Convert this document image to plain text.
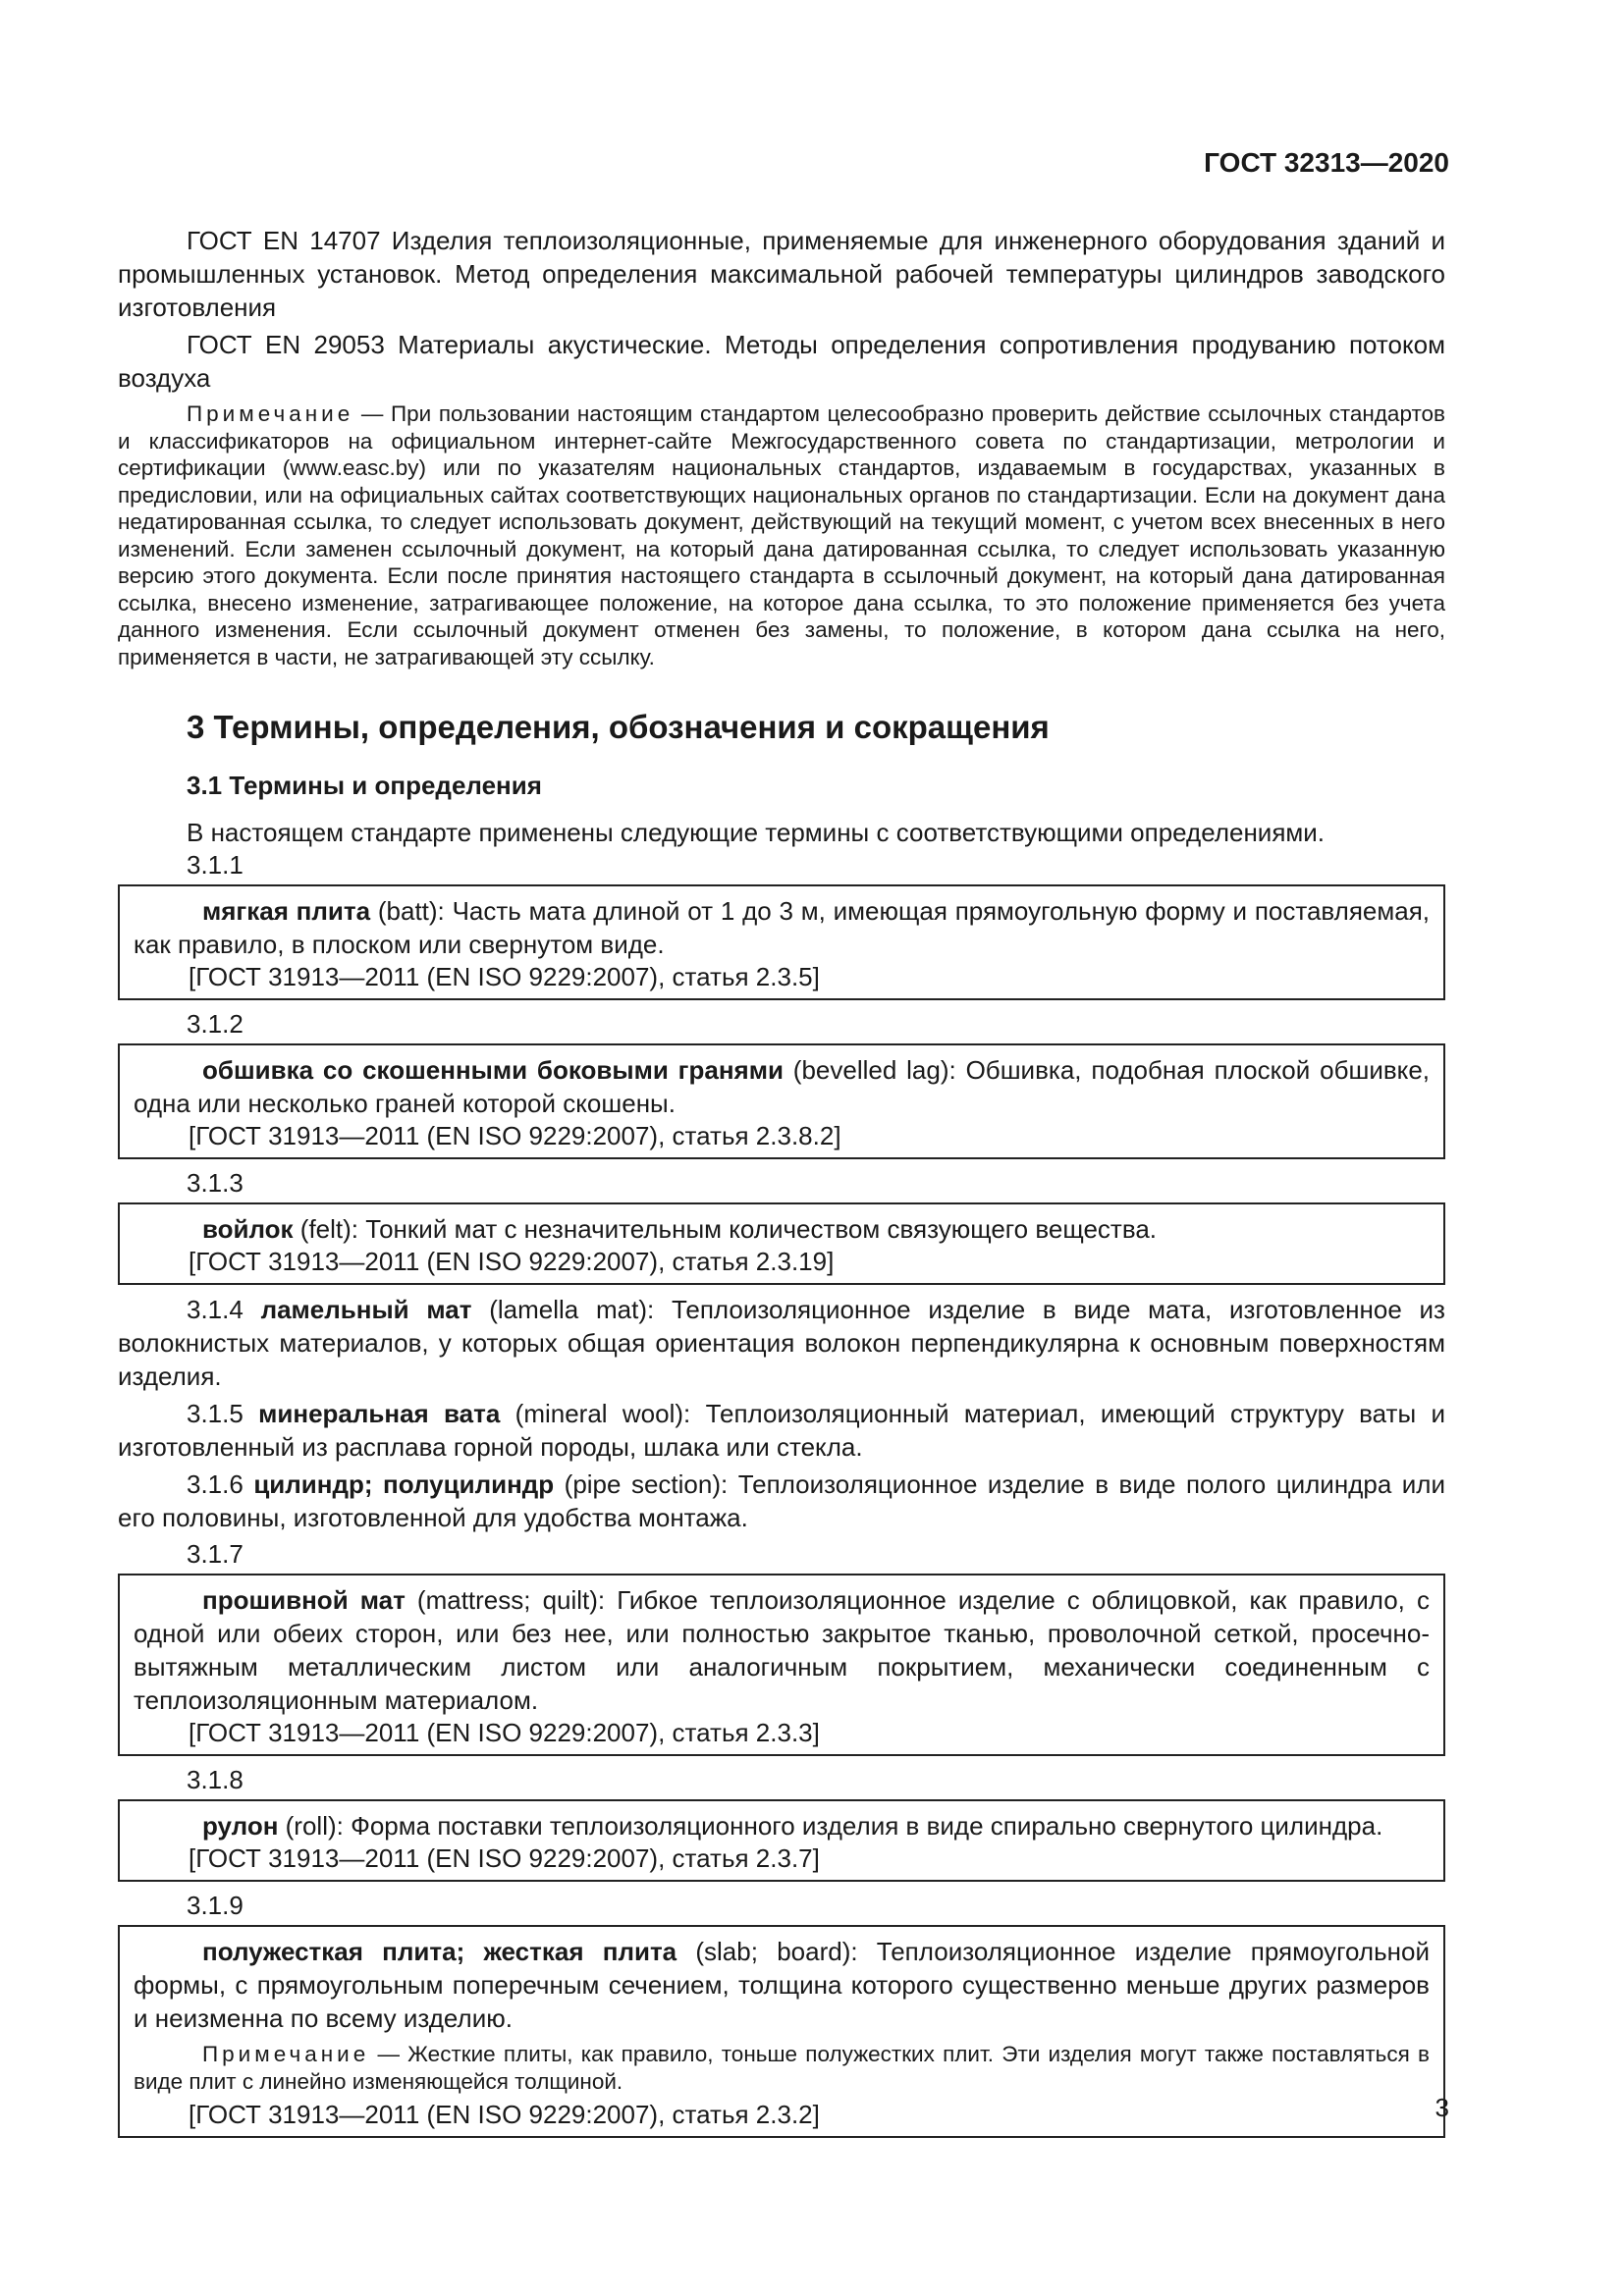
ГОСТ 32313—2020

ГОСТ EN 14707 Изделия теплоизоляционные, применяемые для инженерного оборудования зданий и промышленных установок. Метод определения максимальной рабочей температуры цилиндров заводского изготовления

ГОСТ EN 29053 Материалы акустические. Методы определения сопротивления продуванию потоком воздуха

Примечание — При пользовании настоящим стандартом целесообразно проверить действие ссылочных стандартов и классификаторов на официальном интернет-сайте Межгосударственного совета по стандартизации, метрологии и сертификации (www.easc.by) или по указателям национальных стандартов, издаваемым в государствах, указанных в предисловии, или на официальных сайтах соответствующих национальных органов по стандартизации. Если на документ дана недатированная ссылка, то следует использовать документ, действующий на текущий момент, с учетом всех внесенных в него изменений. Если заменен ссылочный документ, на который дана датированная ссылка, то следует использовать указанную версию этого документа. Если после принятия настоящего стандарта в ссылочный документ, на который дана датированная ссылка, внесено изменение, затрагивающее положение, на которое дана ссылка, то это положение применяется без учета данного изменения. Если ссылочный документ отменен без замены, то положение, в котором дана ссылка на него, применяется в части, не затрагивающей эту ссылку.

3 Термины, определения, обозначения и сокращения
3.1 Термины и определения

В настоящем стандарте применены следующие термины с соответствующими определениями.

3.1.1

мягкая плита (batt): Часть мата длиной от 1 до 3 м, имеющая прямоугольную форму и поставляемая, как правило, в плоском или свернутом виде.

[ГОСТ 31913—2011 (EN ISO 9229:2007), статья 2.3.5]
3.1.2

обшивка со скошенными боковыми гранями (bevelled lag): Обшивка, подобная плоской обшивке, одна или несколько граней которой скошены.

[ГОСТ 31913—2011 (EN ISO 9229:2007), статья 2.3.8.2]
3.1.3

войлок (felt): Тонкий мат с незначительным количеством связующего вещества.

[ГОСТ 31913—2011 (EN ISO 9229:2007), статья 2.3.19]

3.1.4 ламельный мат (lamella mat): Теплоизоляционное изделие в виде мата, изготовленное из волокнистых материалов, у которых общая ориентация волокон перпендикулярна к основным поверхностям изделия.

3.1.5 минеральная вата (mineral wool): Теплоизоляционный материал, имеющий структуру ваты и изготовленный из расплава горной породы, шлака или стекла.

3.1.6 цилиндр; полуцилиндр (pipe section): Теплоизоляционное изделие в виде полого цилиндра или его половины, изготовленной для удобства монтажа.

3.1.7

прошивной мат (mattress; quilt): Гибкое теплоизоляционное изделие с облицовкой, как правило, с одной или обеих сторон, или без нее, или полностью закрытое тканью, проволочной сеткой, просечно-вытяжным металлическим листом или аналогичным покрытием, механически соединенным с теплоизоляционным материалом.

[ГОСТ 31913—2011 (EN ISO 9229:2007), статья 2.3.3]
3.1.8

рулон (roll): Форма поставки теплоизоляционного изделия в виде спирально свернутого цилиндра.

[ГОСТ 31913—2011 (EN ISO 9229:2007), статья 2.3.7]
3.1.9

полужесткая плита; жесткая плита (slab; board): Теплоизоляционное изделие прямоугольной формы, с прямоугольным поперечным сечением, толщина которого существенно меньше других размеров и неизменна по всему изделию.

Примечание — Жесткие плиты, как правило, тоньше полужестких плит. Эти изделия могут также поставляться в виде плит с линейно изменяющейся толщиной.

[ГОСТ 31913—2011 (EN ISO 9229:2007), статья 2.3.2]	3
